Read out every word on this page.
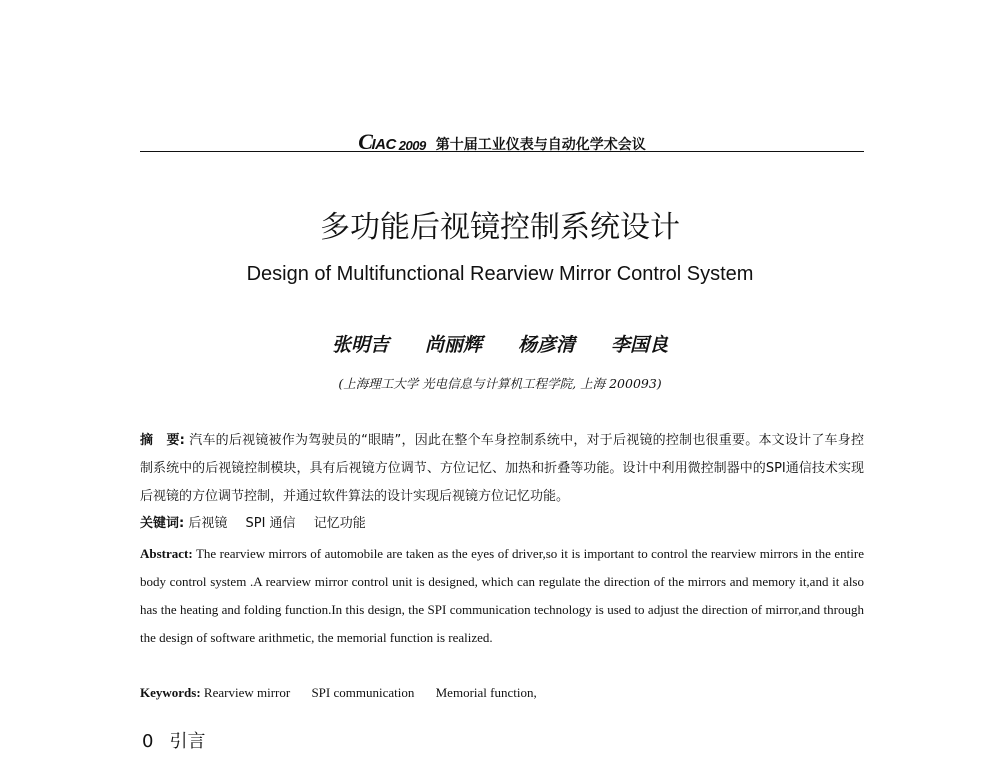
C IAC 2009 第十届工业仪表与自动化学术会议
多功能后视镜控制系统设计
Design of Multifunctional Rearview Mirror Control System
张明吉 尚丽辉 杨彦清 李国良
(上海理工大学 光电信息与计算机工程学院, 上海 200093)
摘　要: 汽车的后视镜被作为驾驶员的“眼睛”，因此在整个车身控制系统中，对于后视镜的控制也很重要。本文设计了车身控制系统中的后视镜控制模块，具有后视镜方位调节、方位记忆、加热和折叠等功能。设计中利用微控制器中的SPI通信技术实现后视镜的方位调节控制，并通过软件算法的设计实现后视镜方位记忆功能。
关键词: 后视镜 SPI 通信 记忆功能
Abstract: The rearview mirrors of automobile are taken as the eyes of driver,so it is important to control the rearview mirrors in the entire body control system .A rearview mirror control unit is designed, which can regulate the direction of the mirrors and memory it,and it also has the heating and folding function.In this design, the SPI communication technology is used to adjust the direction of mirror,and through the design of software arithmetic, the memorial function is realized.
Keywords: Rearview mirror SPI communication Memorial function,
0 引言
